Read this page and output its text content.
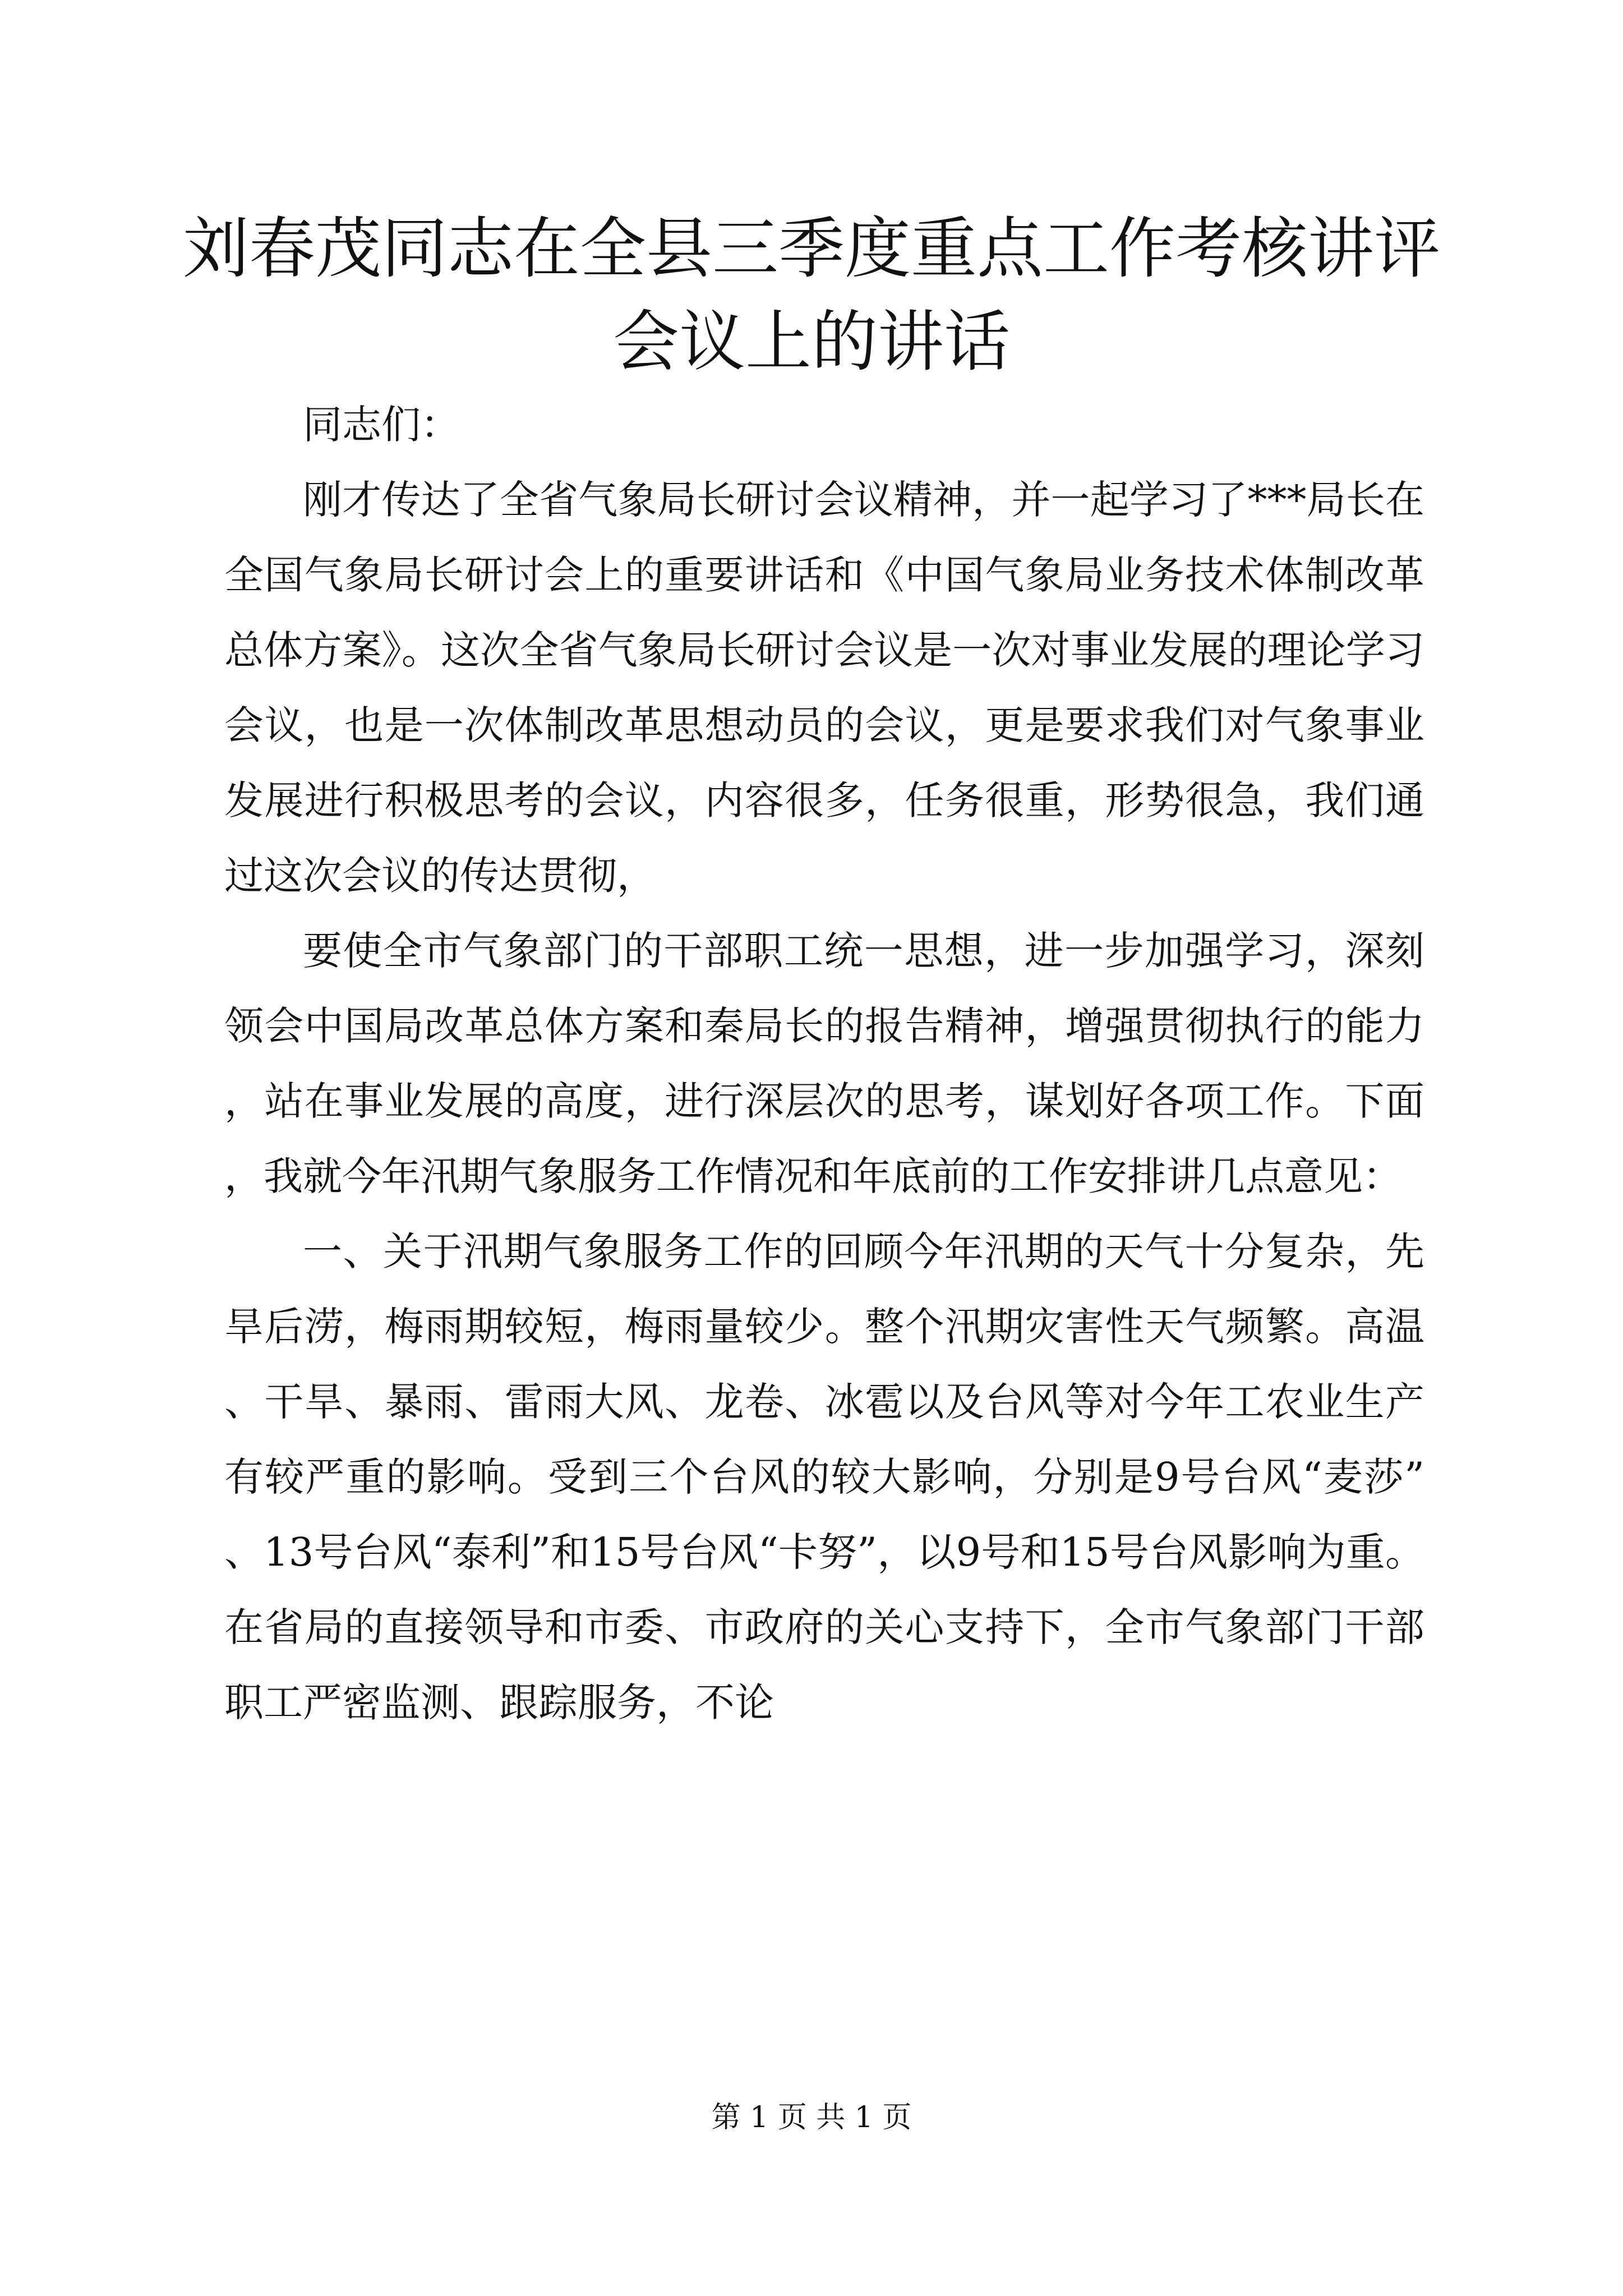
刘春茂同志在全县三季度重点工作考核讲评会议上的讲话

同志们：

刚才传达了全省气象局长研讨会议精神，并一起学习了***局长在全国气象局长研讨会上的重要讲话和《中国气象局业务技术体制改革总体方案》。这次全省气象局长研讨会议是一次对事业发展的理论学习会议，也是一次体制改革思想动员的会议，更是要求我们对气象事业发展进行积极思考的会议，内容很多，任务很重，形势很急，我们通过这次会议的传达贯彻，

要使全市气象部门的干部职工统一思想，进一步加强学习，深刻领会中国局改革总体方案和秦局长的报告精神，增强贯彻执行的能力，站在事业发展的高度，进行深层次的思考，谋划好各项工作。下面，我就今年汛期气象服务工作情况和年底前的工作安排讲几点意见：

一、关于汛期气象服务工作的回顾今年汛期的天气十分复杂，先旱后涝，梅雨期较短，梅雨量较少。整个汛期灾害性天气频繁。高温、干旱、暴雨、雷雨大风、龙卷、冰雹以及台风等对今年工农业生产有较严重的影响。受到三个台风的较大影响，分别是9号台风“麦莎”、13号台风“泰利”和15号台风“卡努”，以9号和15号台风影响为重。在省局的直接领导和市委、市政府的关心支持下，全市气象部门干部职工严密监测、跟踪服务，不论

第 1 页 共 1 页
